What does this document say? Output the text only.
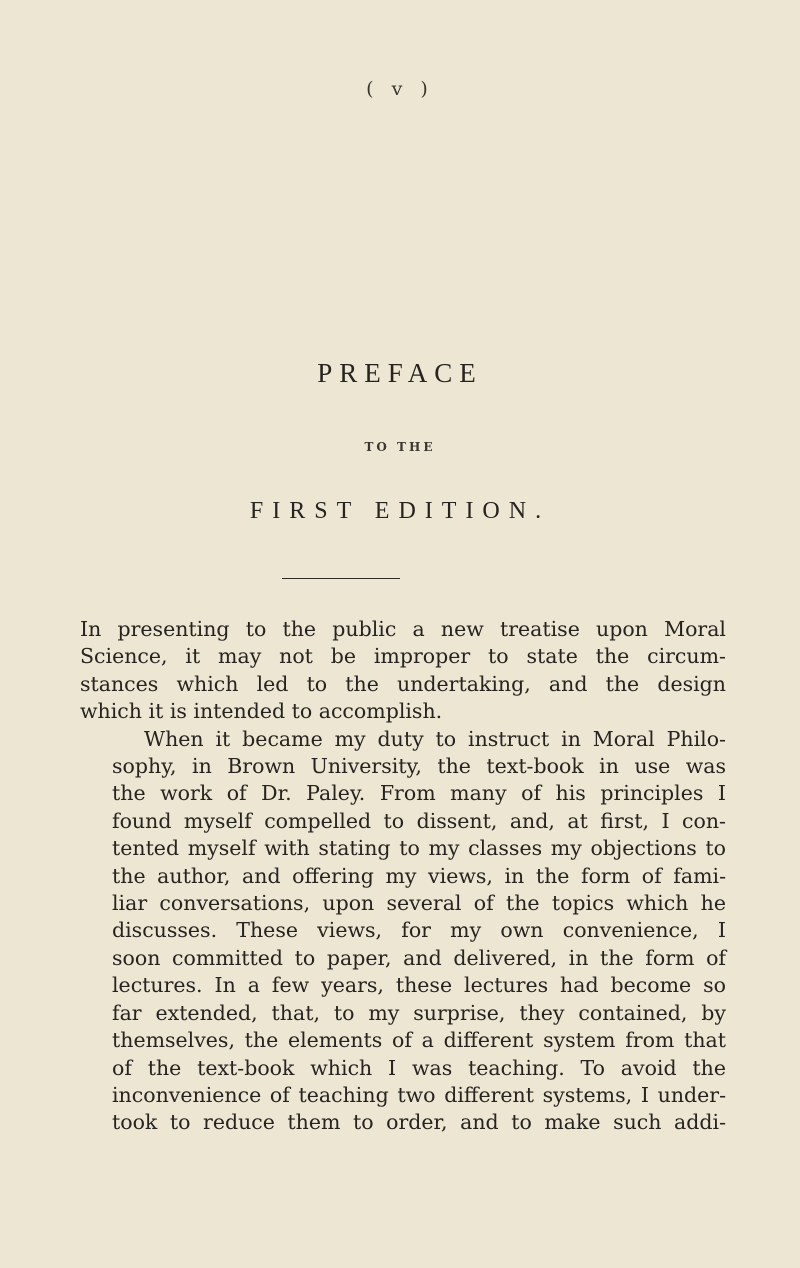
( v )
PREFACE
TO THE
FIRST EDITION.

In presenting to the public a new treatise upon Moral
Science, it may not be improper to state the circum-
stances which led to the undertaking, and the design
which it is intended to accomplish.

When it became my duty to instruct in Moral Philo-
sophy, in Brown University, the text-book in use was
the work of Dr. Paley. From many of his principles I
found myself compelled to dissent, and, at first, I con-
tented myself with stating to my classes my objections to
the author, and offering my views, in the form of fami-
liar conversations, upon several of the topics which he
discusses. These views, for my own convenience, I
soon committed to paper, and delivered, in the form of
lectures. In a few years, these lectures had become so
far extended, that, to my surprise, they contained, by
themselves, the elements of a different system from that
of the text-book which I was teaching. To avoid the
inconvenience of teaching two different systems, I under-
took to reduce them to order, and to make such addi-
